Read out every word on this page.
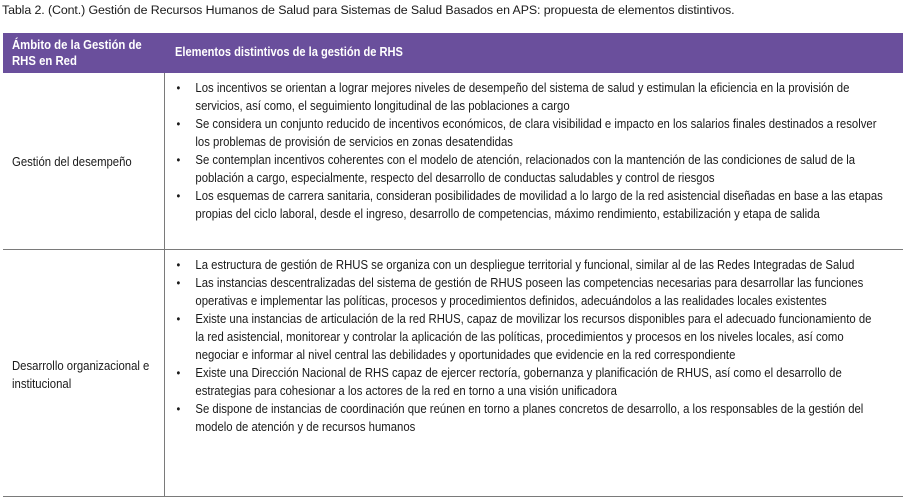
Tabla 2. (Cont.) Gestión de Recursos Humanos de Salud para Sistemas de Salud Basados en APS: propuesta de elementos distintivos.
Ámbito de la Gestión de RHS en Red
Elementos distintivos de la gestión de RHS
Gestión del desempeño
• Los incentivos se orientan a lograr mejores niveles de desempeño del sistema de salud y estimulan la eficiencia en la provisión de servicios, así como, el seguimiento longitudinal de las poblaciones a cargo
• Se considera un conjunto reducido de incentivos económicos, de clara visibilidad e impacto en los salarios finales destinados a resolver los problemas de provisión de servicios en zonas desatendidas
• Se contemplan incentivos coherentes con el modelo de atención, relacionados con la mantención de las condiciones de salud de la población a cargo, especialmente, respecto del desarrollo de conductas saludables y control de riesgos
• Los esquemas de carrera sanitaria, consideran posibilidades de movilidad a lo largo de la red asistencial diseñadas en base a las etapas propias del ciclo laboral, desde el ingreso, desarrollo de competencias, máximo rendimiento, estabilización y etapa de salida
Desarrollo organizacional e institucional
• La estructura de gestión de RHUS se organiza con un despliegue territorial y funcional, similar al de las Redes Integradas de Salud
• Las instancias descentralizadas del sistema de gestión de RHUS poseen las competencias necesarias para desarrollar las funciones operativas e implementar las políticas, procesos y procedimientos definidos, adecuándolos a las realidades locales existentes
• Existe una instancias de articulación de la red RHUS, capaz de movilizar los recursos disponibles para el adecuado funcionamiento de la red asistencial, monitorear y controlar la aplicación de las políticas, procedimientos y procesos en los niveles locales, así como negociar e informar al nivel central las debilidades y oportunidades que evidencie en la red correspondiente
• Existe una Dirección Nacional de RHS capaz de ejercer rectoría, gobernanza y planificación de RHUS, así como el desarrollo de estrategias para cohesionar a los actores de la red en torno a una visión unificadora
• Se dispone de instancias de coordinación que reúnen en torno a planes concretos de desarrollo, a los responsables de la gestión del modelo de atención y de recursos humanos
